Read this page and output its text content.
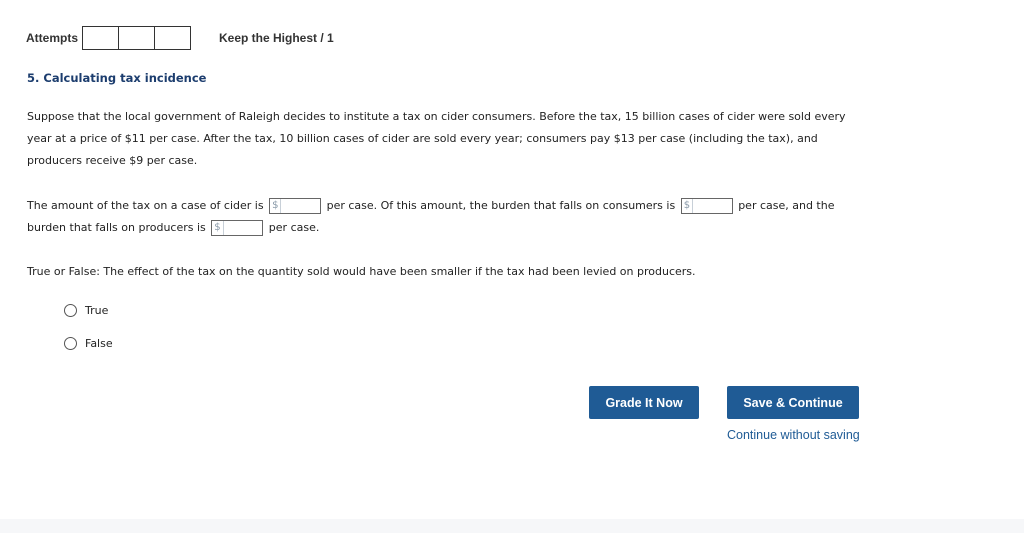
Attempts	Keep the Highest / 1
5. Calculating tax incidence
Suppose that the local government of Raleigh decides to institute a tax on cider consumers. Before the tax, 15 billion cases of cider were sold every
year at a price of $11 per case. After the tax, 10 billion cases of cider are sold every year; consumers pay $13 per case (including the tax), and
producers receive $9 per case.
The amount of the tax on a case of cider is $	per case. Of this amount, the burden that falls on consumers is $	per case, and the
burden that falls on producers is $	per case.
True or False: The effect of the tax on the quantity sold would have been smaller if the tax had been levied on producers.
True
False
Grade It Now	Save & Continue
Continue without saving
